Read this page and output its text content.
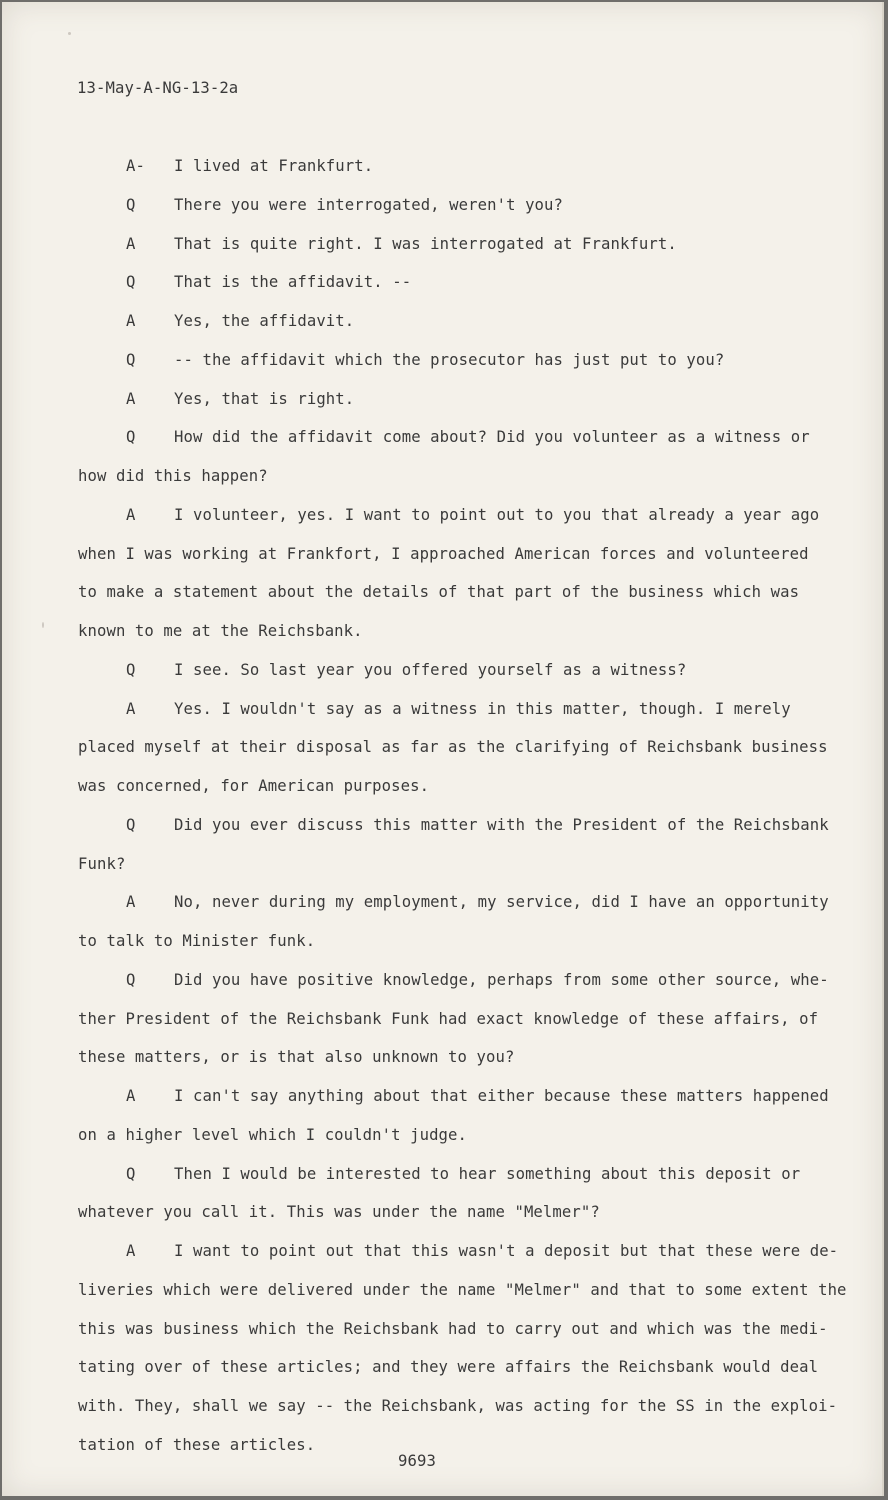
13-May-A-NG-13-2a
A-	I lived at Frankfurt.
Q	There you were interrogated, weren't you?
A	That is quite right. I was interrogated at Frankfurt.
Q	That is the affidavit. --
A	Yes, the affidavit.
Q	-- the affidavit which the prosecutor has just put to you?
A	Yes, that is right.
Q	How did the affidavit come about? Did you volunteer as a witness or
how did this happen?
A	I volunteer, yes. I want to point out to you that already a year ago
when I was working at Frankfort, I approached American forces and volunteered
to make a statement about the details of that part of the business which was
known to me at the Reichsbank.
Q	I see. So last year you offered yourself as a witness?
A	Yes. I wouldn't say as a witness in this matter, though. I merely
placed myself at their disposal as far as the clarifying of Reichsbank business
was concerned, for American purposes.
Q	Did you ever discuss this matter with the President of the Reichsbank
Funk?
A	No, never during my employment, my service, did I have an opportunity
to talk to Minister funk.
Q	Did you have positive knowledge, perhaps from some other source, whe-
ther President of the Reichsbank Funk had exact knowledge of these affairs, of
these matters, or is that also unknown to you?
A	I can't say anything about that either because these matters happened
on a higher level which I couldn't judge.
Q	Then I would be interested to hear something about this deposit or
whatever you call it. This was under the name "Melmer"?
A	I want to point out that this wasn't a deposit but that these were de-
liveries which were delivered under the name "Melmer" and that to some extent the
this was business which the Reichsbank had to carry out and which was the medi-
tating over of these articles; and they were affairs the Reichsbank would deal
with. They, shall we say -- the Reichsbank, was acting for the SS in the exploi-
tation of these articles.
9693
